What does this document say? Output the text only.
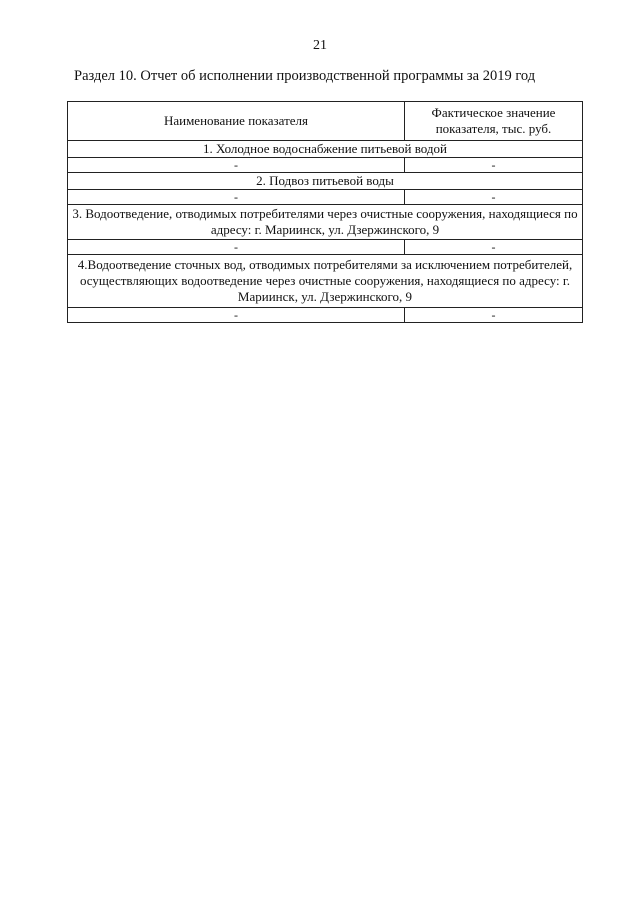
21
Раздел 10. Отчет об исполнении производственной программы за 2019 год
Наименование показателя	Фактическое значение показателя, тыс. руб.
1. Холодное водоснабжение питьевой водой	
-	-
2. Подвоз питьевой воды	
-	-
3. Водоотведение, отводимых потребителями через очистные сооружения, находящиеся по адресу: г. Мариинск, ул. Дзержинского, 9	
-	-
4.Водоотведение сточных вод, отводимых потребителями за исключением потребителей, осуществляющих водоотведение через очистные сооружения, находящиеся по адресу: г. Мариинск, ул. Дзержинского, 9	
-	-
